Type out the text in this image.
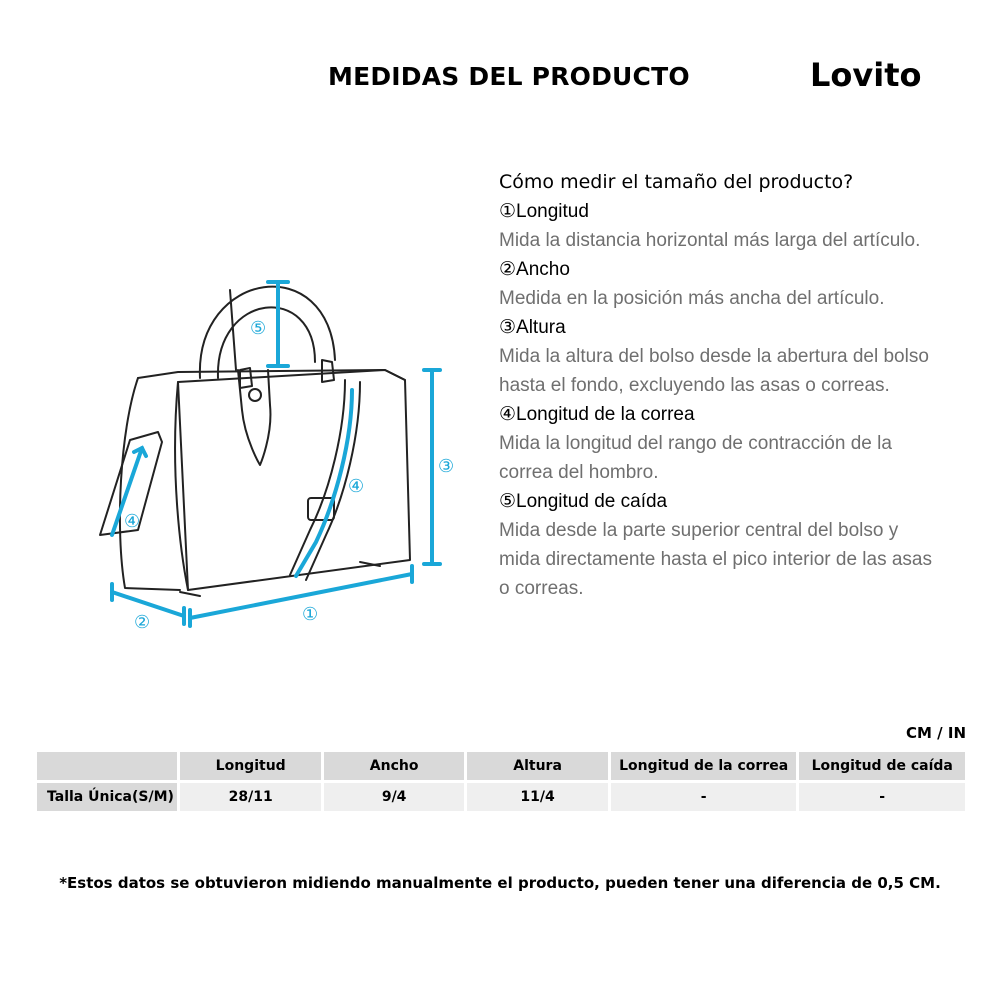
MEDIDAS DEL PRODUCTO	Lovito
⑤
③
①
②
④
④

Cómo medir el tamaño del producto?

①Longitud

Mida la distancia horizontal más larga del artículo.

②Ancho

Medida en la posición más ancha del artículo.

③Altura

Mida la altura del bolso desde la abertura del bolso hasta el fondo, excluyendo las asas o correas.

④Longitud de la correa

Mida la longitud del rango de contracción de la correa del hombro.

⑤Longitud de caída

Mida desde la parte superior central del bolso y mida directamente hasta el pico interior de las asas o correas.

CM / IN
	Longitud	Ancho	Altura	Longitud de la correa	Longitud de caída
Talla Única(S/M)	28/11	9/4	11/4	-	-
*Estos datos se obtuvieron midiendo manualmente el producto, pueden tener una diferencia de 0,5 CM.
